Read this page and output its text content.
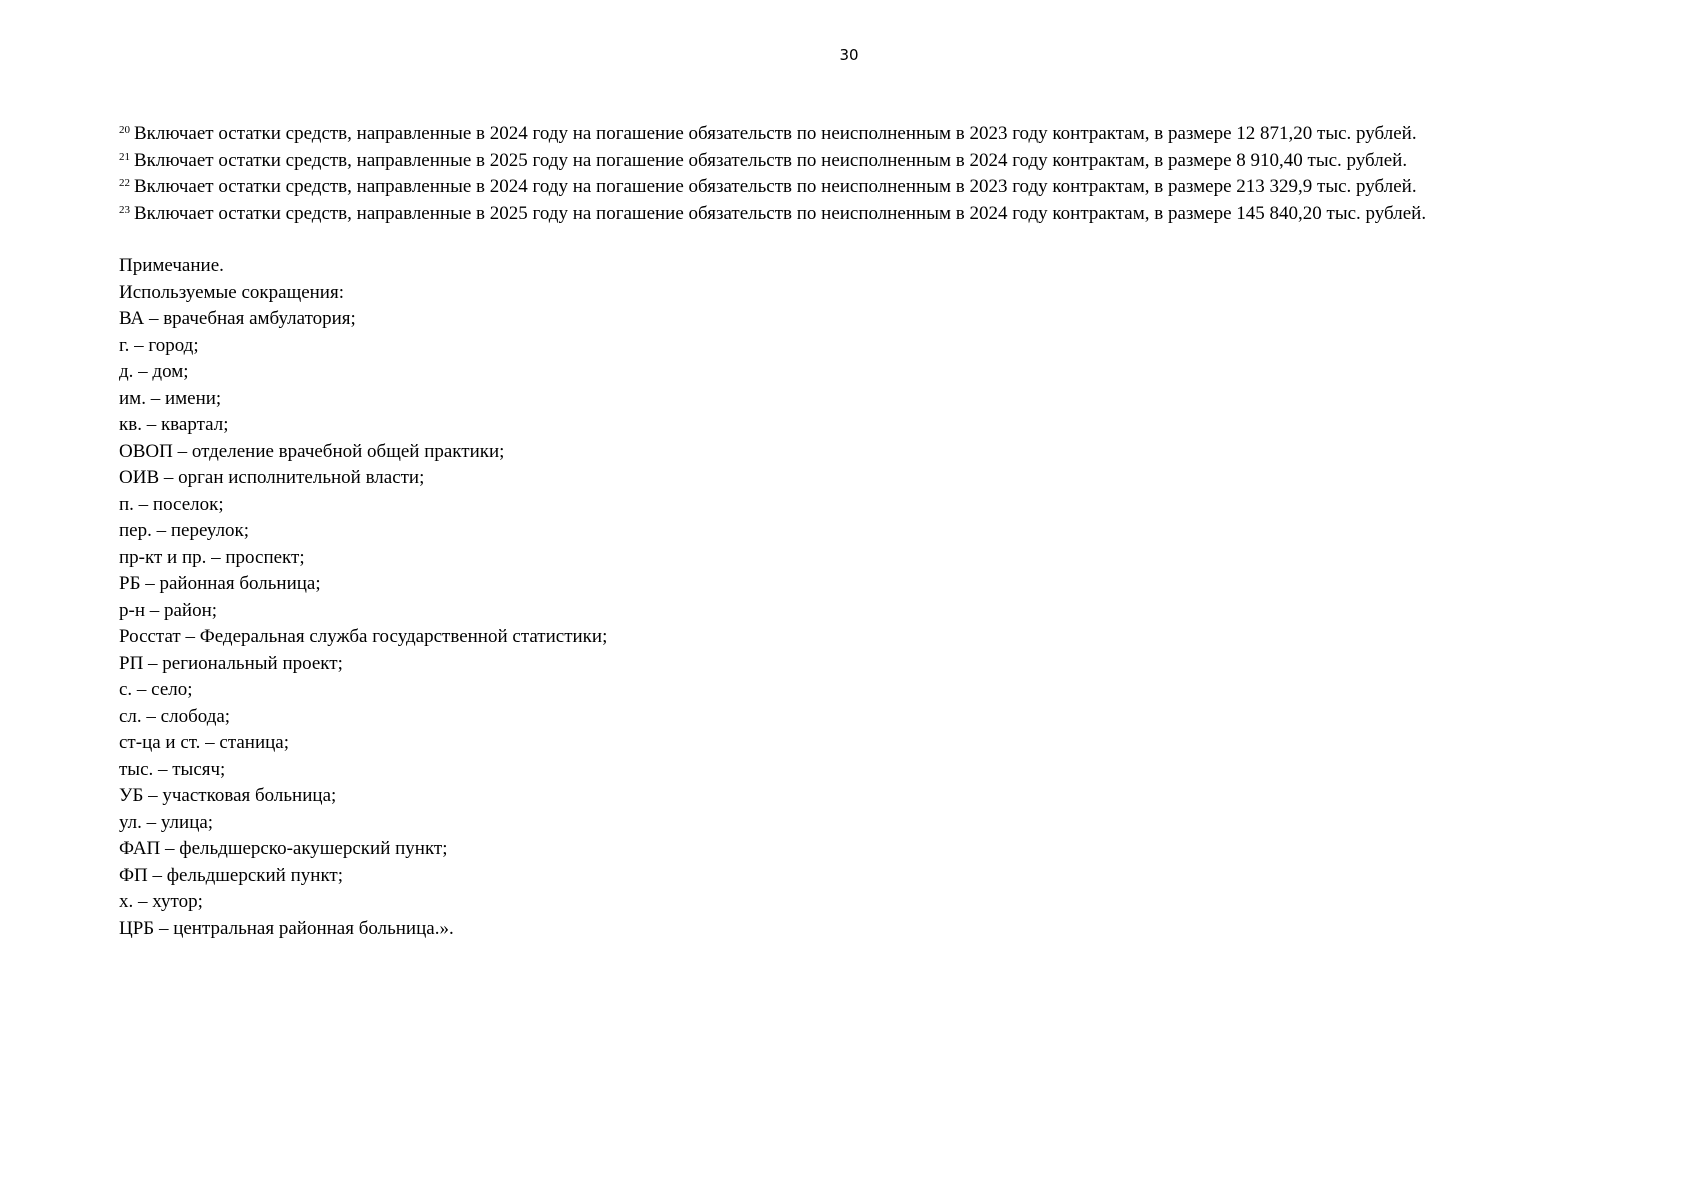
30
$^{20}$ Включает остатки средств, направленные в 2024 году на погашение обязательств по неисполненным в 2023 году контрактам, в размере 12 871,20 тыс. рублей.
$^{21}$ Включает остатки средств, направленные в 2025 году на погашение обязательств по неисполненным в 2024 году контрактам, в размере 8 910,40 тыс. рублей.
$^{22}$ Включает остатки средств, направленные в 2024 году на погашение обязательств по неисполненным в 2023 году контрактам, в размере 213 329,9 тыс. рублей.
$^{23}$ Включает остатки средств, направленные в 2025 году на погашение обязательств по неисполненным в 2024 году контрактам, в размере 145 840,20 тыс. рублей.
Примечание.
Используемые сокращения:
ВА – врачебная амбулатория;
г. – город;
д. – дом;
им. – имени;
кв. – квартал;
ОВОП – отделение врачебной общей практики;
ОИВ – орган исполнительной власти;
п. – поселок;
пер. – переулок;
пр-кт и пр. – проспект;
РБ – районная больница;
р-н – район;
Росстат – Федеральная служба государственной статистики;
РП – региональный проект;
с. – село;
сл. – слобода;
ст-ца и ст. – станица;
тыс. – тысяч;
УБ – участковая больница;
ул. – улица;
ФАП – фельдшерско-акушерский пункт;
ФП – фельдшерский пункт;
х. – хутор;
ЦРБ – центральная районная больница.».
